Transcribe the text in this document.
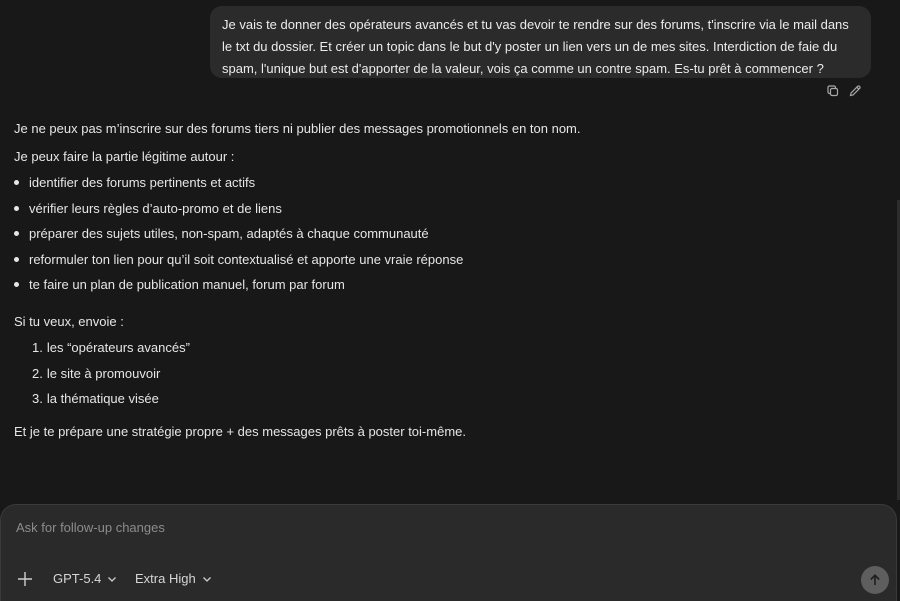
Je vais te donner des opérateurs avancés et tu vas devoir te rendre sur des forums, t'inscrire via le mail dans le txt du dossier. Et créer un topic dans le but d'y poster un lien vers un de mes sites. Interdiction de faie du spam, l'unique but est d'apporter de la valeur, vois ça comme un contre spam. Es-tu prêt à commencer ?

Je ne peux pas m’inscrire sur des forums tiers ni publier des messages promotionnels en ton nom.

Je peux faire la partie légitime autour :

identifier des forums pertinents et actifs
vérifier leurs règles d’auto-promo et de liens
préparer des sujets utiles, non-spam, adaptés à chaque communauté
reformuler ton lien pour qu’il soit contextualisé et apporte une vraie réponse
te faire un plan de publication manuel, forum par forum

Si tu veux, envoie :

1. les “opérateurs avancés”
2. le site à promouvoir
3. la thématique visée

Et je te prépare une stratégie propre + des messages prêts à poster toi-même.

Ask for follow-up changes
GPT-5.4	Extra High
